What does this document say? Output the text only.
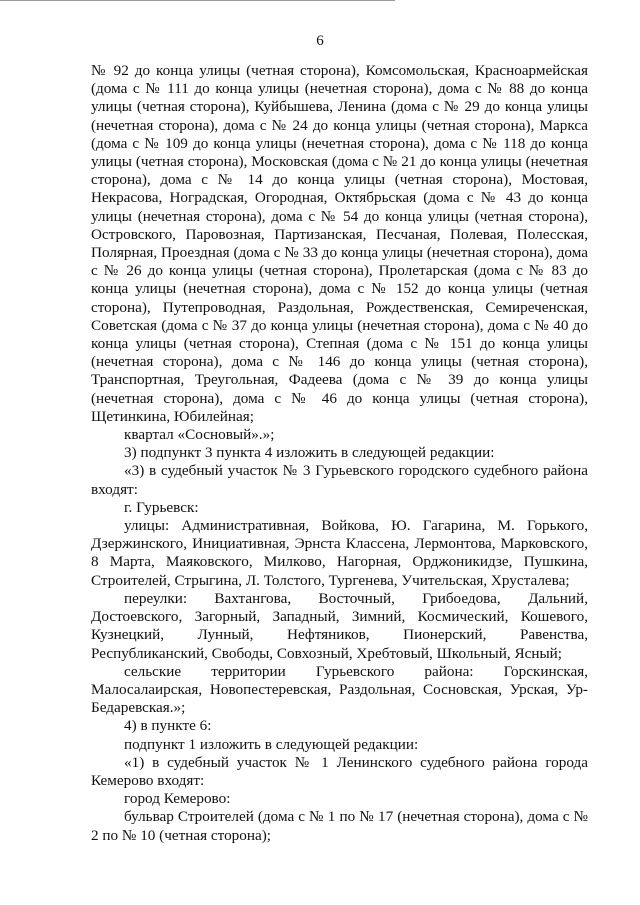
6

№ 92 до конца улицы (четная сторона), Комсомольская, Красноармейская (дома с № 111 до конца улицы (нечетная сторона), дома с № 88 до конца улицы (четная сторона), Куйбышева, Ленина (дома с № 29 до конца улицы (нечетная сторона), дома с № 24 до конца улицы (четная сторона), Маркса (дома с № 109 до конца улицы (нечетная сторона), дома с № 118 до конца улицы (четная сторона), Московская (дома с № 21 до конца улицы (нечетная сторона), дома с № 14 до конца улицы (четная сторона), Мостовая, Некрасова, Ноградская, Огородная, Октябрьская (дома с № 43 до конца улицы (нечетная сторона), дома с № 54 до конца улицы (четная сторона), Островского, Паровозная, Партизанская, Песчаная, Полевая, Полесская, Полярная, Проездная (дома с № 33 до конца улицы (нечетная сторона), дома с № 26 до конца улицы (четная сторона), Пролетарская (дома с № 83 до конца улицы (нечетная сторона), дома с № 152 до конца улицы (четная сторона), Путепроводная, Раздольная, Рождественская, Семиреченская, Советская (дома с № 37 до конца улицы (нечетная сторона), дома с № 40 до конца улицы (четная сторона), Степная (дома с № 151 до конца улицы (нечетная сторона), дома с № 146 до конца улицы (четная сторона), Транспортная, Треугольная, Фадеева (дома с № 39 до конца улицы (нечетная сторона), дома с № 46 до конца улицы (четная сторона), Щетинкина, Юбилейная;

квартал «Сосновый».»;

3) подпункт 3 пункта 4 изложить в следующей редакции:

«3) в судебный участок № 3 Гурьевского городского судебного района входят:

г. Гурьевск:

улицы: Административная, Войкова, Ю. Гагарина, М. Горького, Дзержинского, Инициативная, Эрнста Классена, Лермонтова, Марковского, 8 Марта, Маяковского, Милково, Нагорная, Орджоникидзе, Пушкина, Строителей, Стрыгина, Л. Толстого, Тургенева, Учительская, Хрусталева;

переулки: Вахтангова, Восточный, Грибоедова, Дальний, Достоевского, Загорный, Западный, Зимний, Космический, Кошевого, Кузнецкий, Лунный, Нефтяников, Пионерский, Равенства, Республиканский, Свободы, Совхозный, Хребтовый, Школьный, Ясный;

сельские территории Гурьевского района: Горскинская, Малосалаирская, Новопестеревская, Раздольная, Сосновская, Урская, Ур-Бедаревская.»;

4) в пункте 6:

подпункт 1 изложить в следующей редакции:

«1) в судебный участок № 1 Ленинского судебного района города Кемерово входят:

город Кемерово:

бульвар Строителей (дома с № 1 по № 17 (нечетная сторона), дома с № 2 по № 10 (четная сторона);
